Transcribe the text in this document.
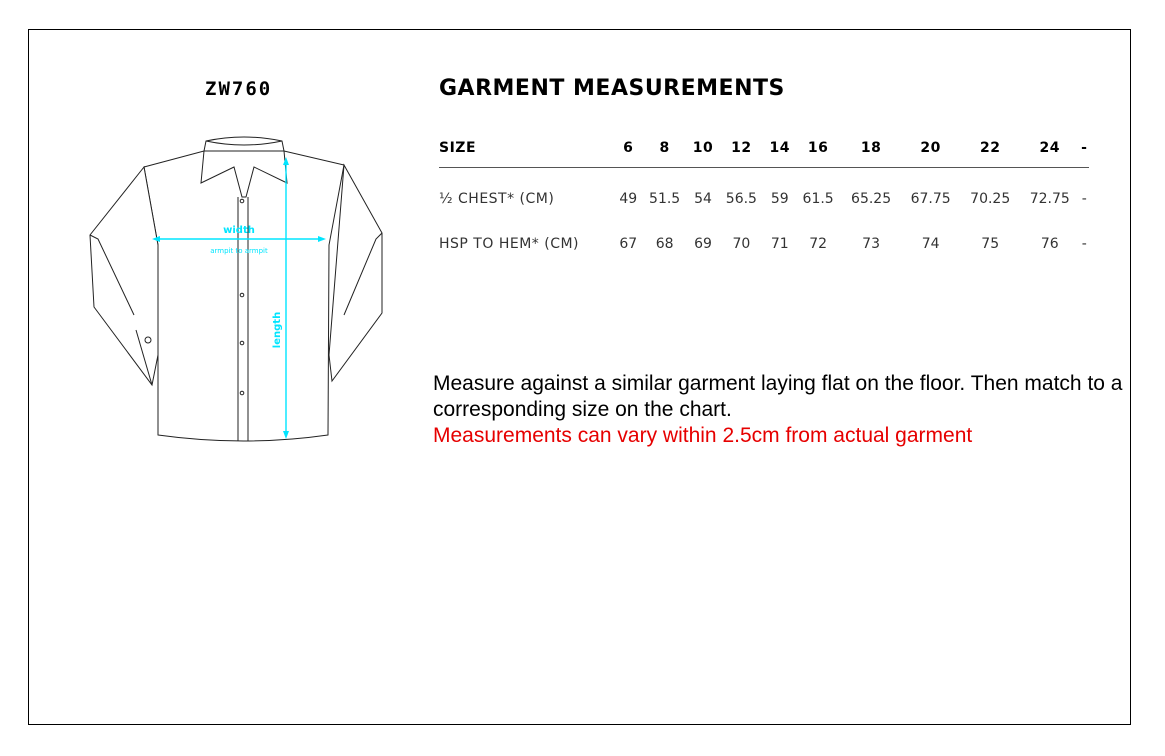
ZW760	GARMENT MEASUREMENTS
width
armpit to armpit
length
SIZE	6	8	10	12	14	16	18	20	22	24	-
½ CHEST* (CM)	49	51.5	54	56.5	59	61.5	65.25	67.75	70.25	72.75	-
HSP TO HEM* (CM)	67	68	69	70	71	72	73	74	75	76	-
Measure against a similar garment laying flat on the floor. Then match to a corresponding size on the chart.
Measurements can vary within 2.5cm from actual garment
